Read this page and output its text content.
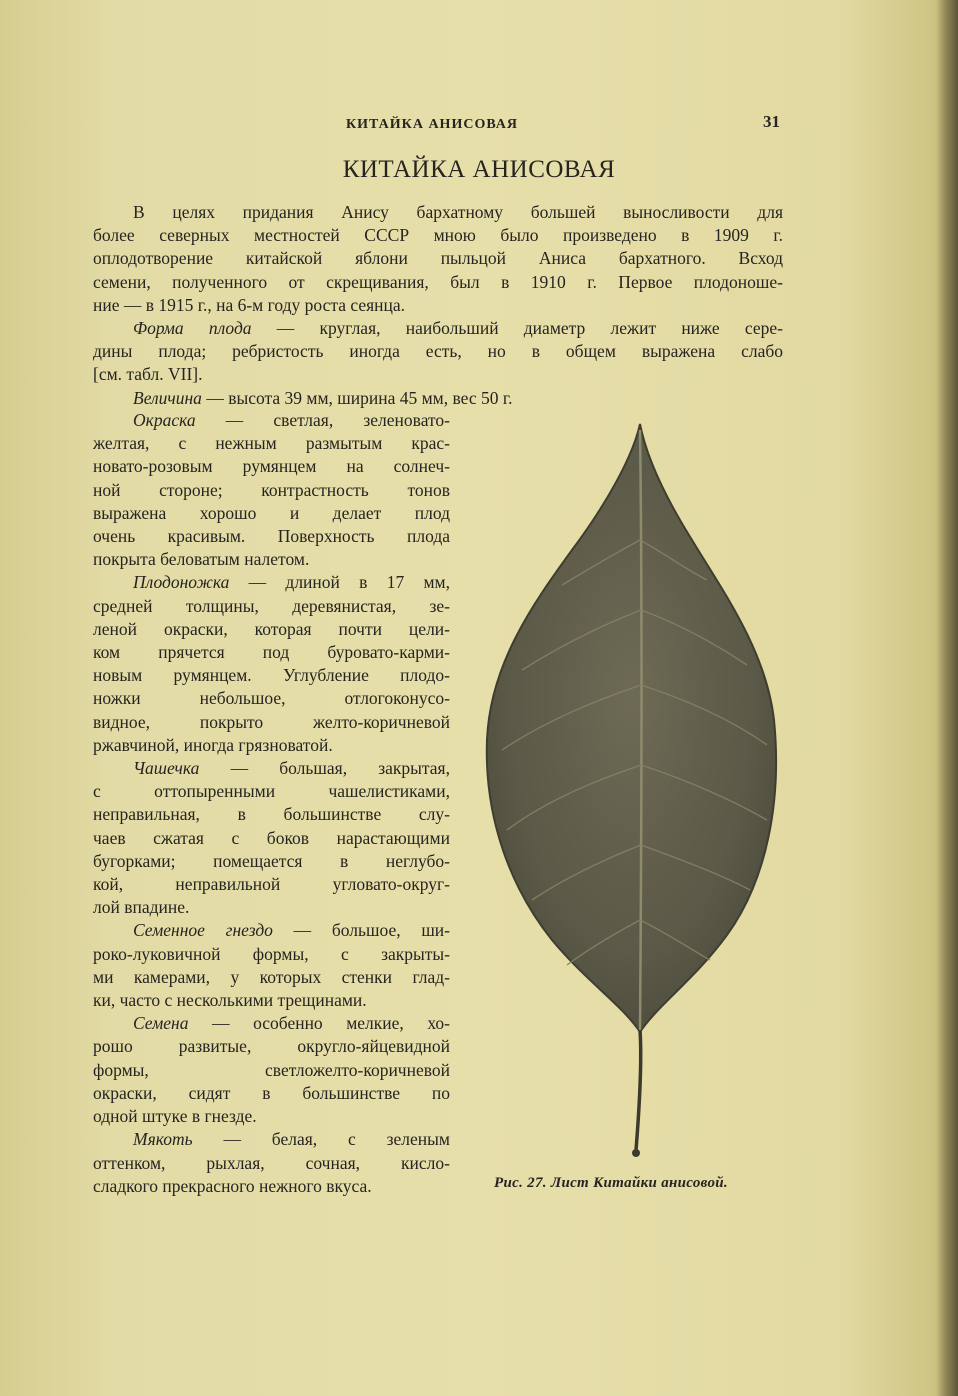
КИТАЙКА АНИСОВАЯ	31
КИТАЙКА АНИСОВАЯ
В целях придания Анису бархатному большей выносливости для
более северных местностей СССР мною было произведено в 1909 г.
оплодотворение китайской яблони пыльцой Аниса бархатного. Всход
семени, полученного от скрещивания, был в 1910 г. Первое плодоноше-
ние — в 1915 г., на 6-м году роста сеянца.
Форма плода — круглая, наибольший диаметр лежит ниже сере-
дины плода; ребристость иногда есть, но в общем выражена слабо
[см. табл. VII].
Величина — высота 39 мм, ширина 45 мм, вес 50 г.
Окраска — светлая, зеленовато-
желтая, с нежным размытым крас-
новато-розовым румянцем на солнеч-
ной стороне; контрастность тонов
выражена хорошо и делает плод
очень красивым. Поверхность плода
покрыта беловатым налетом.
Плодоножка — длиной в 17 мм,
средней толщины, деревянистая, зе-
леной окраски, которая почти цели-
ком прячется под буровато-карми-
новым румянцем. Углубление плодо-
ножки небольшое, отлогоконусо-
видное, покрыто желто-коричневой
ржавчиной, иногда грязноватой.
Чашечка — большая, закрытая,
с оттопыренными чашелистиками,
неправильная, в большинстве слу-
чаев сжатая с боков нарастающими
бугорками; помещается в неглубо-
кой, неправильной угловато-округ-
лой впадине.
Семенное гнездо — большое, ши-
роко-луковичной формы, с закрыты-
ми камерами, у которых стенки глад-
ки, часто с несколькими трещинами.
Семена — особенно мелкие, хо-
рошо развитые, округло-яйцевидной
формы, светложелто-коричневой
окраски, сидят в большинстве по
одной штуке в гнезде.
Мякоть — белая, с зеленым
оттенком, рыхлая, сочная, кисло-
сладкого прекрасного нежного вкуса.	Рис. 27. Лист Китайки анисовой.
